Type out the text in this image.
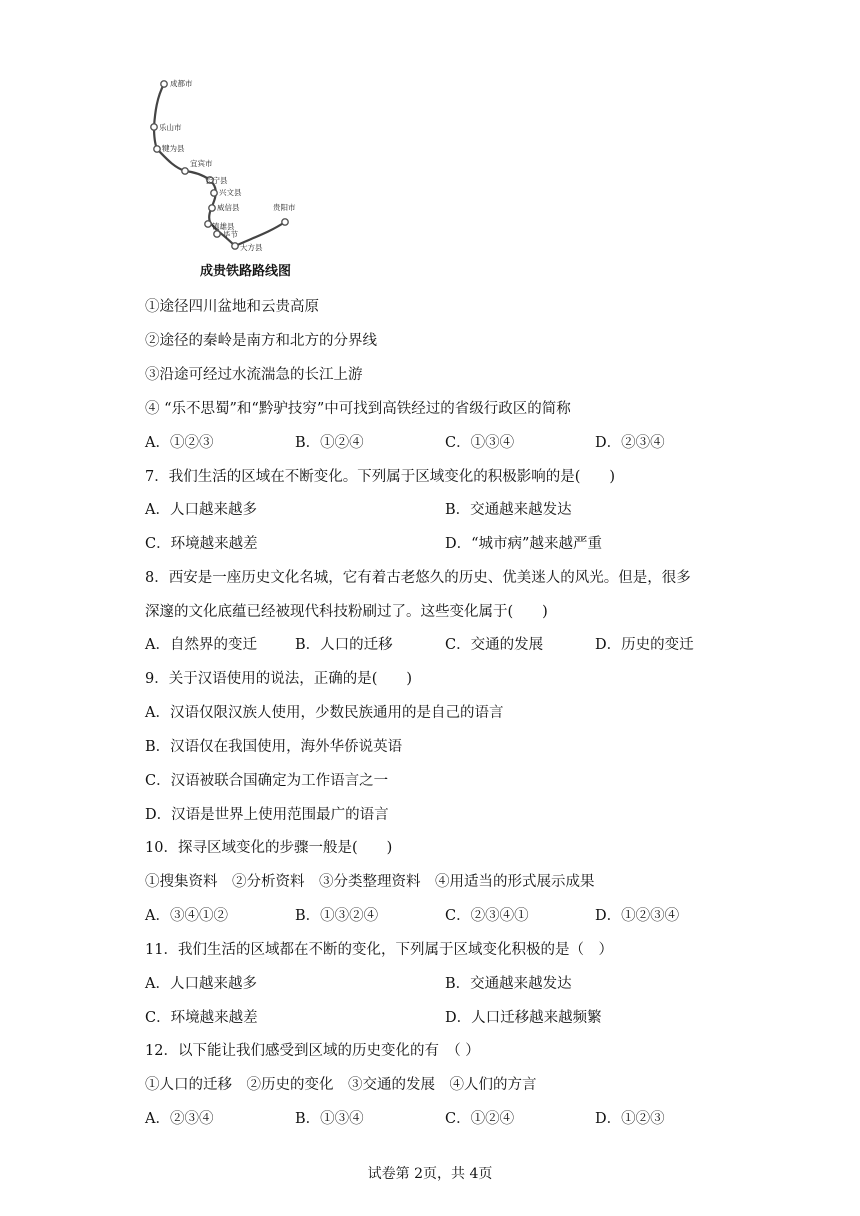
成都市
乐山市
犍为县
宜宾市
长宁县
兴文县
威信县
镇雄县
毕节
大方县
贵阳市
成贵铁路路线图
①途径四川盆地和云贵高原
②途径的秦岭是南方和北方的分界线
③沿途可经过水流湍急的长江上游
④ “乐不思蜀”和“黔驴技穷”中可找到高铁经过的省级行政区的简称
A．①②③	B．①②④	C．①③④	D．②③④
7．我们生活的区域在不断变化。下列属于区域变化的积极影响的是(　　)
A．人口越来越多	B．交通越来越发达
C．环境越来越差	D．“城市病”越来越严重
8．西安是一座历史文化名城，它有着古老悠久的历史、优美迷人的风光。但是，很多
深邃的文化底蕴已经被现代科技粉刷过了。这些变化属于(　　)
A．自然界的变迁	B．人口的迁移	C．交通的发展	D．历史的变迁
9．关于汉语使用的说法，正确的是(　　)
A．汉语仅限汉族人使用，少数民族通用的是自己的语言
B．汉语仅在我国使用，海外华侨说英语
C．汉语被联合国确定为工作语言之一
D．汉语是世界上使用范围最广的语言
10．探寻区域变化的步骤一般是(　　)
①搜集资料　②分析资料　③分类整理资料　④用适当的形式展示成果
A．③④①②	B．①③②④	C．②③④①	D．①②③④
11．我们生活的区域都在不断的变化，下列属于区域变化积极的是（　）
A．人口越来越多	B．交通越来越发达
C．环境越来越差	D．人口迁移越来越频繁
12．以下能让我们感受到区域的历史变化的有　（ ）
①人口的迁移　②历史的变化　③交通的发展　④人们的方言
A．②③④	B．①③④	C．①②④	D．①②③
试卷第 2页，共 4页
